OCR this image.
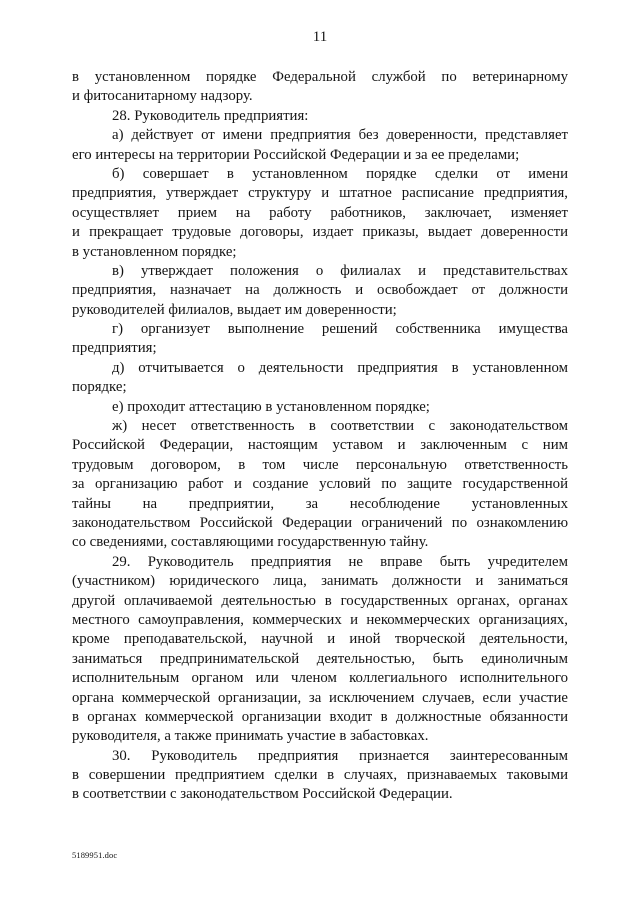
11
в установленном порядке Федеральной службой по ветеринарному
и фитосанитарному надзору.
28. Руководитель предприятия:
а) действует от имени предприятия без доверенности, представляет
его интересы на территории Российской Федерации и за ее пределами;
б) совершает в установленном порядке сделки от имени
предприятия, утверждает структуру и штатное расписание предприятия,
осуществляет прием на работу работников, заключает, изменяет
и прекращает трудовые договоры, издает приказы, выдает доверенности
в установленном порядке;
в) утверждает положения о филиалах и представительствах
предприятия, назначает на должность и освобождает от должности
руководителей филиалов, выдает им доверенности;
г) организует выполнение решений собственника имущества
предприятия;
д) отчитывается о деятельности предприятия в установленном
порядке;
е) проходит аттестацию в установленном порядке;
ж) несет ответственность в соответствии с законодательством
Российской Федерации, настоящим уставом и заключенным с ним
трудовым договором, в том числе персональную ответственность
за организацию работ и создание условий по защите государственной
тайны на предприятии, за несоблюдение установленных
законодательством Российской Федерации ограничений по ознакомлению
со сведениями, составляющими государственную тайну.
29. Руководитель предприятия не вправе быть учредителем
(участником) юридического лица, занимать должности и заниматься
другой оплачиваемой деятельностью в государственных органах, органах
местного самоуправления, коммерческих и некоммерческих организациях,
кроме преподавательской, научной и иной творческой деятельности,
заниматься предпринимательской деятельностью, быть единоличным
исполнительным органом или членом коллегиального исполнительного
органа коммерческой организации, за исключением случаев, если участие
в органах коммерческой организации входит в должностные обязанности
руководителя, а также принимать участие в забастовках.
30. Руководитель предприятия признается заинтересованным
в совершении предприятием сделки в случаях, признаваемых таковыми
в соответствии с законодательством Российской Федерации.
5189951.doc
